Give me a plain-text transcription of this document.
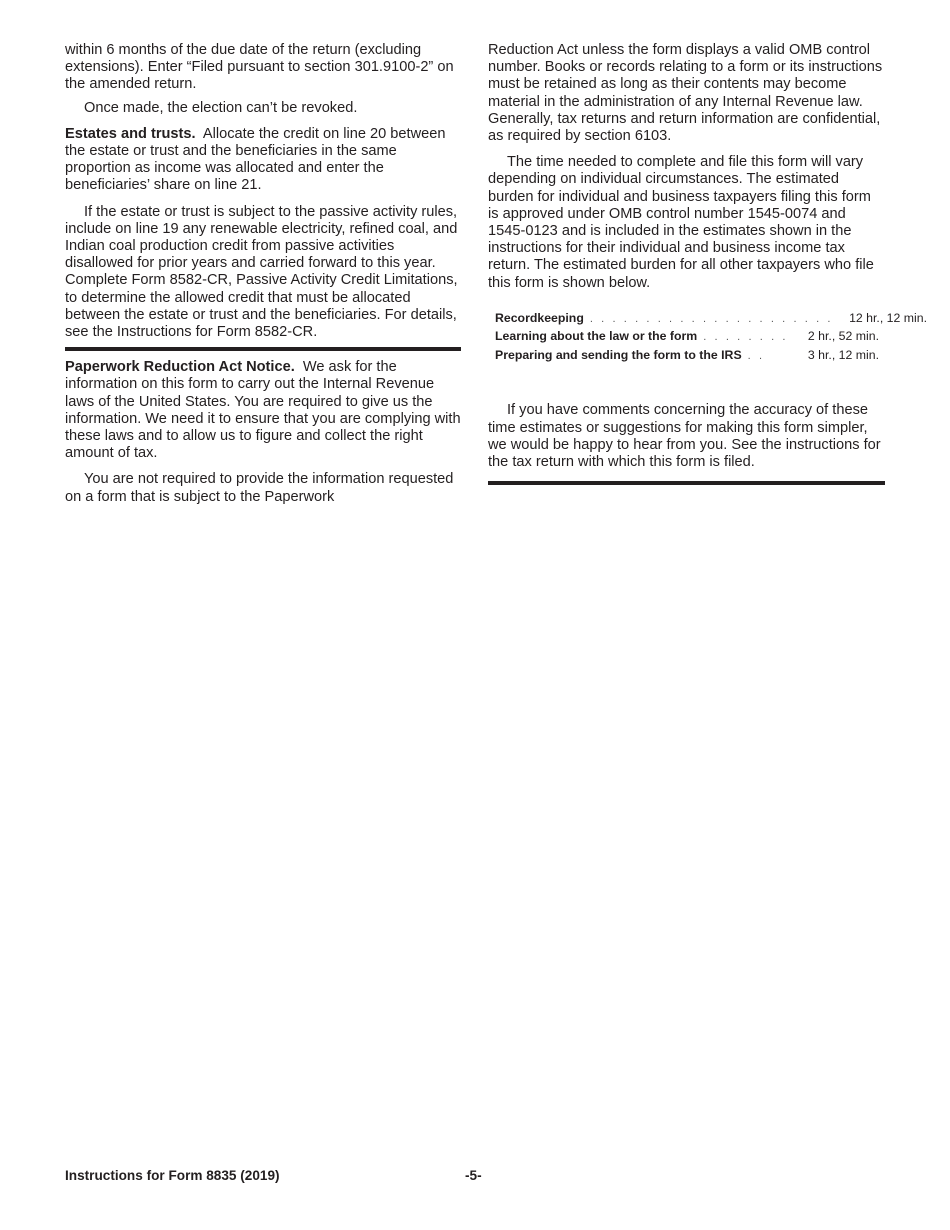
within 6 months of the due date of the return (excluding extensions). Enter “Filed pursuant to section 301.9100-2” on the amended return.

Once made, the election can’t be revoked.

Estates and trusts. Allocate the credit on line 20 between the estate or trust and the beneficiaries in the same proportion as income was allocated and enter the beneficiaries’ share on line 21.

If the estate or trust is subject to the passive activity rules, include on line 19 any renewable electricity, refined coal, and Indian coal production credit from passive activities disallowed for prior years and carried forward to this year. Complete Form 8582-CR, Passive Activity Credit Limitations, to determine the allowed credit that must be allocated between the estate or trust and the beneficiaries. For details, see the Instructions for Form 8582-CR.

Paperwork Reduction Act Notice. We ask for the information on this form to carry out the Internal Revenue laws of the United States. You are required to give us the information. We need it to ensure that you are complying with these laws and to allow us to figure and collect the right amount of tax.

You are not required to provide the information requested on a form that is subject to the Paperwork

Reduction Act unless the form displays a valid OMB control number. Books or records relating to a form or its instructions must be retained as long as their contents may become material in the administration of any Internal Revenue law. Generally, tax returns and return information are confidential, as required by section 6103.

The time needed to complete and file this form will vary depending on individual circumstances. The estimated burden for individual and business taxpayers filing this form is approved under OMB control number 1545-0074 and 1545-0123 and is included in the estimates shown in the instructions for their individual and business income tax return. The estimated burden for all other taxpayers who file this form is shown below.

Recordkeeping . . . . . . . . . . . . . . . . . . . . . . 12 hr., 12 min.
Learning about the law or the form . . . . . . . .	2 hr., 52 min.
Preparing and sending the form to the IRS . .	3 hr., 12 min.

If you have comments concerning the accuracy of these time estimates or suggestions for making this form simpler, we would be happy to hear from you. See the instructions for the tax return with which this form is filed.

Instructions for Form 8835 (2019)	-5-
